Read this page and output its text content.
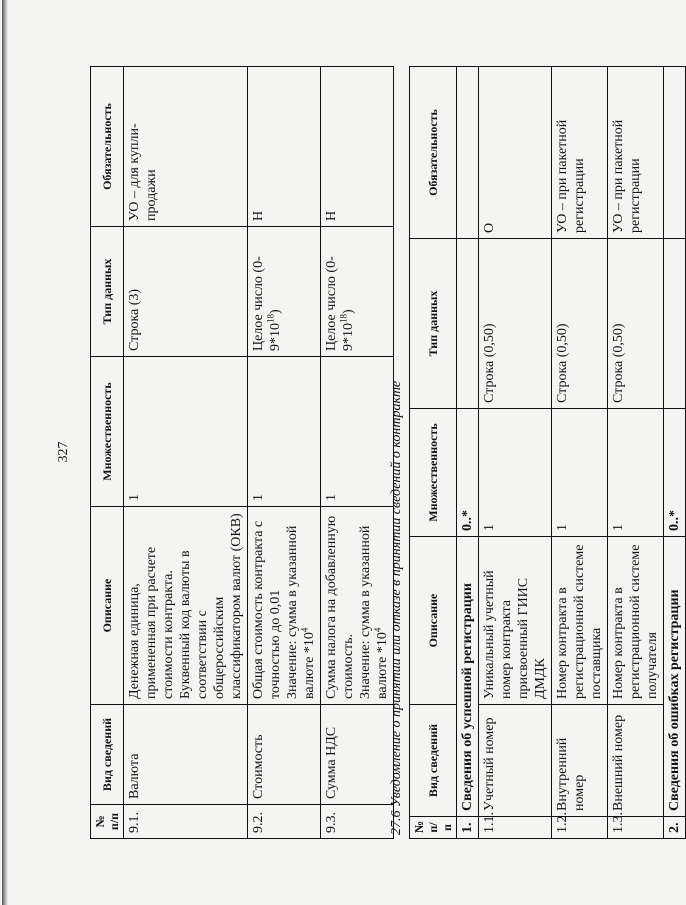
327
№ п/п	Вид сведений	Описание	Множественность	Тип данных	Обязательность
9.1.	Валюта	Денежная единица, примененная при расчете стоимости контракта. Буквенный код валюты в соответствии с общероссийским классификатором валют (ОКВ)	1	Строка (3)	УО – для купли-продажи
9.2.	Стоимость	Общая стоимость контракта с точностью до 0,01 Значение: сумма в указанной валюте $*10^4$	1	Целое число $(0-9*10^{18})$	Н
9.3.	Сумма НДС	Сумма налога на добавленную стоимость. Значение: сумма в указанной валюте $*10^4$	1	Целое число $(0-9*10^{18})$	Н
27.6 Уведомление о принятии или отказе в принятии сведений о контракте
№ п/п	Вид сведений	Описание	Множественность	Тип данных	Обязательность
1.	Сведения об успешной регистрации		0..*		
1.1.	Учетный номер	Уникальный учетный номер контракта присвоенный ГИИС ДМДК	1	Строка (0,50)	О
1.2.	Внутренний номер	Номер контракта в регистрационной системе поставщика	1	Строка (0,50)	УО – при пакетной регистрации
1.3.	Внешний номер	Номер контракта в регистрационной системе получателя	1	Строка (0,50)	УО – при пакетной регистрации
2.	Сведения об ошибках регистрации		0..*		
